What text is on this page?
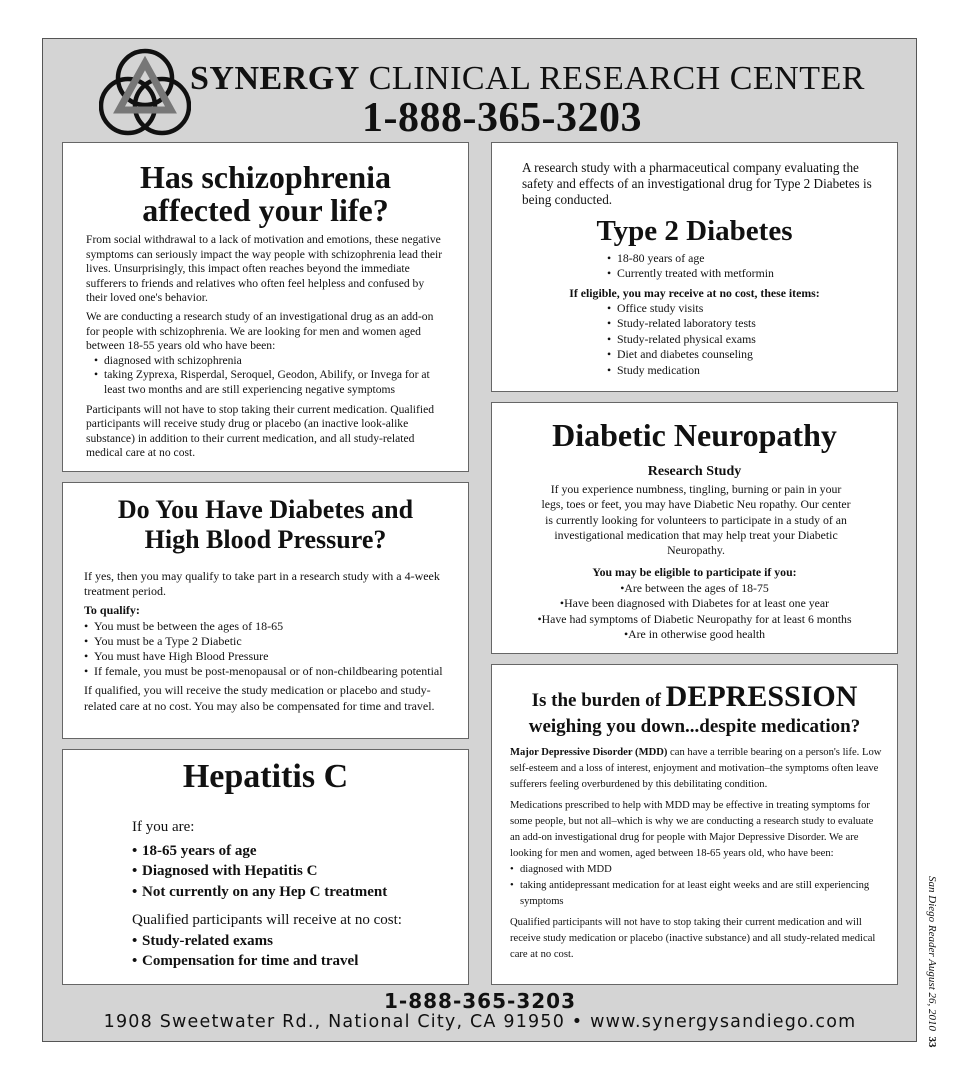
SYNERGY CLINICAL RESEARCH CENTER
1-888-365-3203
Has schizophrenia
affected your life?

From social withdrawal to a lack of motivation and emotions, these negative symptoms can seriously impact the way people with schizophrenia lead their lives. Unsurprisingly, this impact often reaches beyond the immediate sufferers to friends and relatives who often feel helpless and confused by their loved one's behavior.

We are conducting a research study of an investigational drug as an add-on for people with schizophrenia. We are looking for men and women aged between 18-55 years old who have been:

• diagnosed with schizophrenia
• taking Zyprexa, Risperdal, Seroquel, Geodon, Abilify, or Invega for at least two months and are still experiencing negative symptoms

Participants will not have to stop taking their current medication. Qualified participants will receive study drug or placebo (an inactive look-alike substance) in addition to their current medication, and all study-related medical care at no cost.

A research study with a pharmaceutical company evaluating the safety and effects of an investigational drug for Type 2 Diabetes is being conducted.

Type 2 Diabetes
• 18-80 years of age
• Currently treated with metformin
If eligible, you may receive at no cost, these items:
• Office study visits
• Study-related laboratory tests
• Study-related physical exams
• Diet and diabetes counseling
• Study medication
Do You Have Diabetes and
High Blood Pressure?

If yes, then you may qualify to take part in a research study with a 4-week treatment period.

To qualify:

• You must be between the ages of 18-65
• You must be a Type 2 Diabetic
• You must have High Blood Pressure
• If female, you must be post-menopausal or of non-childbearing potential

If qualified, you will receive the study medication or placebo and study-related care at no cost. You may also be compensated for time and travel.

Diabetic Neuropathy
Research Study

If you experience numbness, tingling, burning or pain in your legs, toes or feet, you may have Diabetic Neu ropathy. Our center is currently looking for volunteers to participate in a study of an investigational medication that may help treat your Diabetic Neuropathy.

You may be eligible to participate if you:
• Are between the ages of 18-75
• Have been diagnosed with Diabetes for at least one year
• Have had symptoms of Diabetic Neuropathy for at least 6 months
• Are in otherwise good health
Hepatitis C

If you are:

• 18-65 years of age
• Diagnosed with Hepatitis C
• Not currently on any Hep C treatment

Qualified participants will receive at no cost:

• Study-related exams
• Compensation for time and travel
Is the burden of DEPRESSION
weighing you down...despite medication?

Major Depressive Disorder (MDD) can have a terrible bearing on a person's life. Low self-esteem and a loss of interest, enjoyment and motivation–the symptoms often leave sufferers feeling overburdened by this debilitating condition.

Medications prescribed to help with MDD may be effective in treating symptoms for some people, but not all–which is why we are conducting a research study to evaluate an add-on investigational drug for people with Major Depressive Disorder. We are looking for men and women, aged between 18-65 years old, who have been:

• diagnosed with MDD
• taking antidepressant medication for at least eight weeks and are still experiencing symptoms

Qualified participants will not have to stop taking their current medication and will receive study medication or placebo (inactive substance) and all study-related medical care at no cost.

1-888-365-3203
1908 Sweetwater Rd., National City, CA 91950 • www.synergysandiego.com	San Diego Reader August 26, 2010  33
